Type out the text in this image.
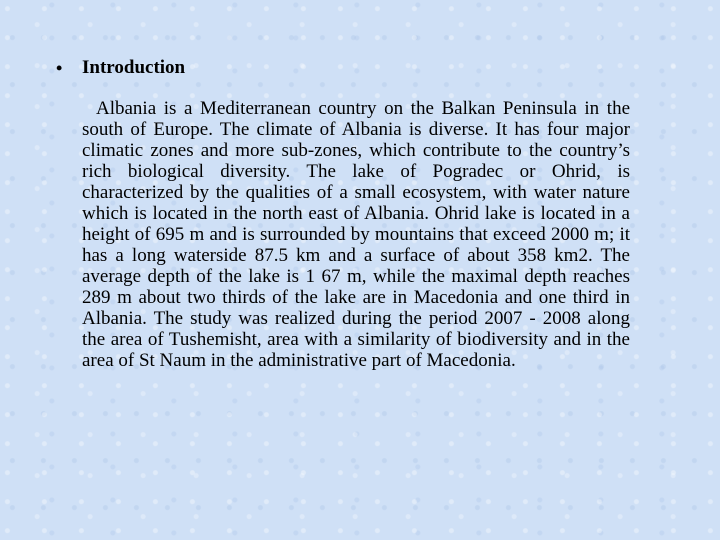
•	Introduction

Albania is a Mediterranean country on the Balkan Peninsula in the south of Europe. The climate of Albania is diverse. It has four major climatic zones and more sub-zones, which contribute to the country’s rich biological diversity. The lake of Pogradec or Ohrid, is characterized by the qualities of a small ecosystem, with water nature which is located in the north east of Albania. Ohrid lake is located in a height of 695 m and is surrounded by mountains that exceed 2000 m; it has a long waterside 87.5 km and a surface of about 358 km2. The average depth of the lake is 1 67 m, while the maximal depth reaches 289 m about two thirds of the lake are in Macedonia and one third in Albania. The study was realized during the period 2007 - 2008 along the area of Tushemisht, area with a similarity of biodiversity and in the area of St Naum in the administrative part of Macedonia.
